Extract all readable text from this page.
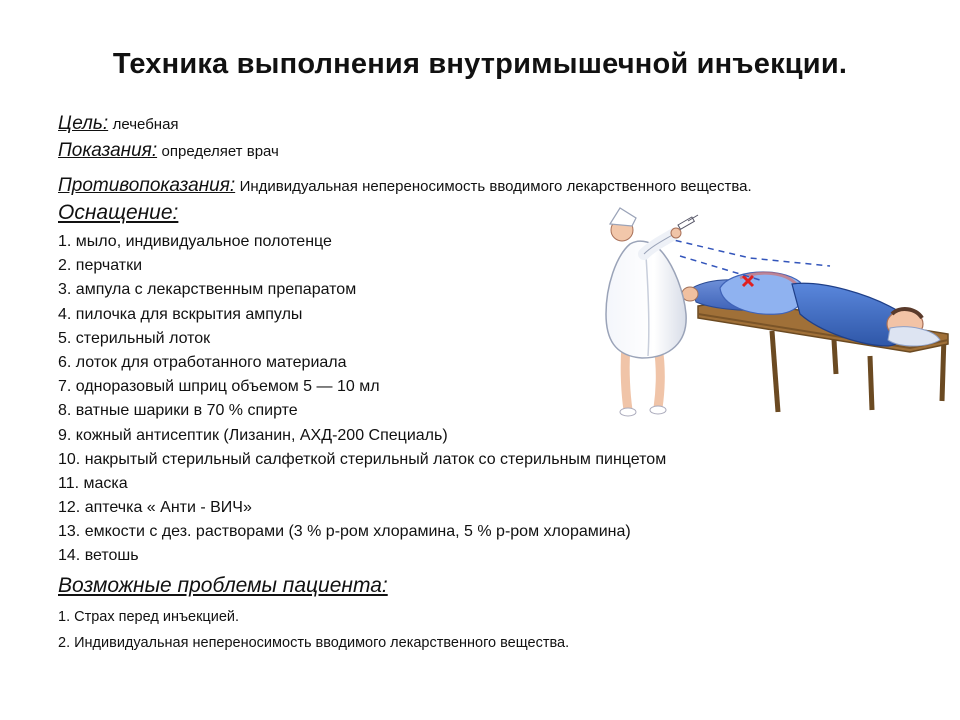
Техника выполнения внутримышечной инъекции.
Цель: лечебная
Показания: определяет врач
Противопоказания: Индивидуальная непереносимость вводимого лекарственного вещества.
Оснащение:
1. мыло, индивидуальное полотенце
2. перчатки
3. ампула с лекарственным препаратом
4. пилочка для вскрытия ампулы
5. стерильный лоток
6. лоток для отработанного материала
7. одноразовый шприц объемом 5 — 10 мл
8. ватные шарики в 70 % спирте
9. кожный антисептик (Лизанин, АХД-200 Специаль)
10. накрытый стерильный салфеткой стерильный латок со стерильным пинцетом
11. маска
12. аптечка « Анти - ВИЧ»
13. емкости с дез. растворами (3 % р-ром хлорамина, 5 % р-ром хлорамина)
14. ветошь
Возможные проблемы пациента:
1. Страх перед инъекцией.
2. Индивидуальная непереносимость вводимого лекарственного вещества.
